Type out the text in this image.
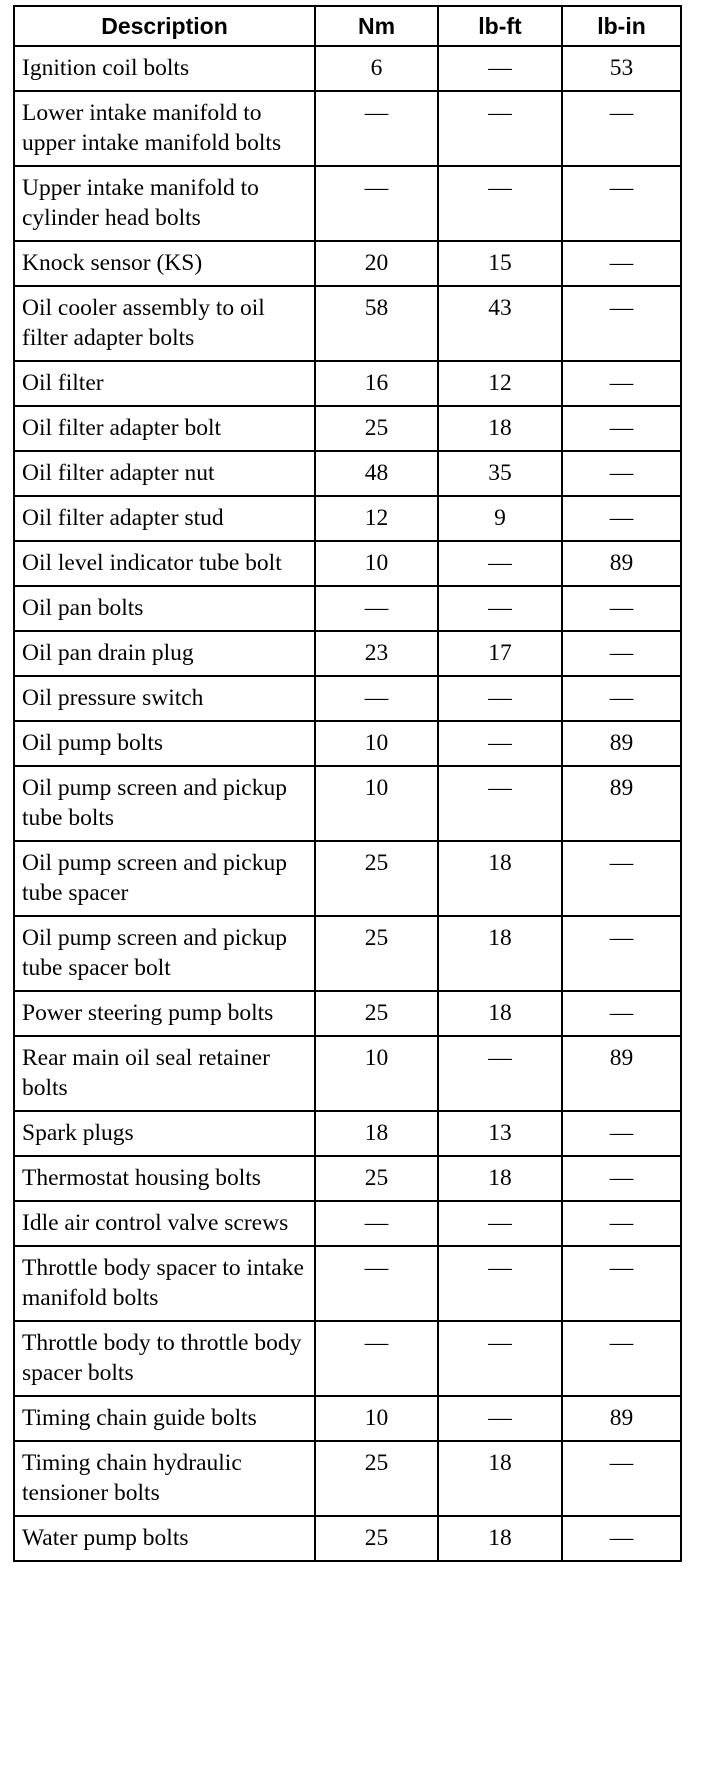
Description	Nm	lb-ft	lb-in
Ignition coil bolts	6	—	53
Lower intake manifold to upper intake manifold bolts	—	—	—
Upper intake manifold to cylinder head bolts	—	—	—
Knock sensor (KS)	20	15	—
Oil cooler assembly to oil filter adapter bolts	58	43	—
Oil filter	16	12	—
Oil filter adapter bolt	25	18	—
Oil filter adapter nut	48	35	—
Oil filter adapter stud	12	9	—
Oil level indicator tube bolt	10	—	89
Oil pan bolts	—	—	—
Oil pan drain plug	23	17	—
Oil pressure switch	—	—	—
Oil pump bolts	10	—	89
Oil pump screen and pickup tube bolts	10	—	89
Oil pump screen and pickup tube spacer	25	18	—
Oil pump screen and pickup tube spacer bolt	25	18	—
Power steering pump bolts	25	18	—
Rear main oil seal retainer bolts	10	—	89
Spark plugs	18	13	—
Thermostat housing bolts	25	18	—
Idle air control valve screws	—	—	—
Throttle body spacer to intake manifold bolts	—	—	—
Throttle body to throttle body spacer bolts	—	—	—
Timing chain guide bolts	10	—	89
Timing chain hydraulic tensioner bolts	25	18	—
Water pump bolts	25	18	—
